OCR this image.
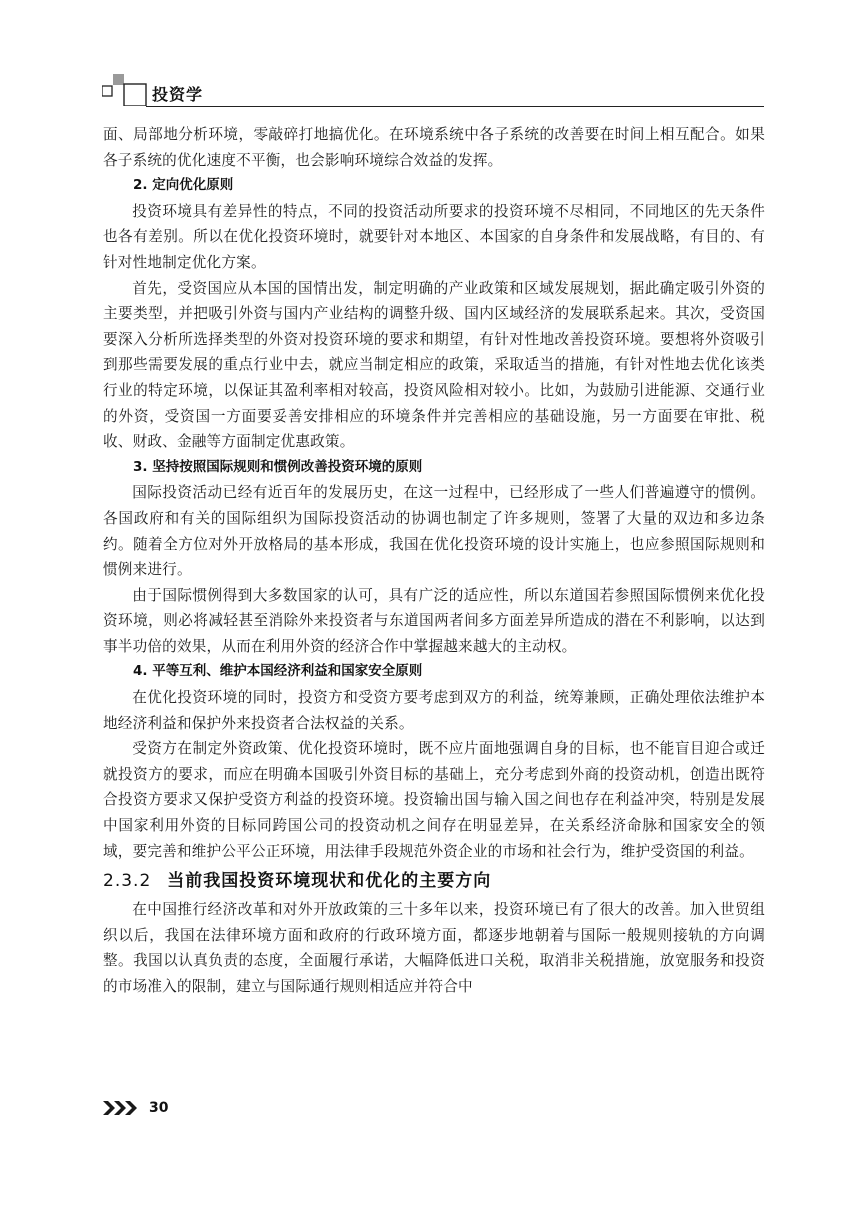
投资学

面、局部地分析环境，零敲碎打地搞优化。在环境系统中各子系统的改善要在时间上相互配合。如果各子系统的优化速度不平衡，也会影响环境综合效益的发挥。

2. 定向优化原则

投资环境具有差异性的特点，不同的投资活动所要求的投资环境不尽相同，不同地区的先天条件也各有差别。所以在优化投资环境时，就要针对本地区、本国家的自身条件和发展战略，有目的、有针对性地制定优化方案。

首先，受资国应从本国的国情出发，制定明确的产业政策和区域发展规划，据此确定吸引外资的主要类型，并把吸引外资与国内产业结构的调整升级、国内区域经济的发展联系起来。其次，受资国要深入分析所选择类型的外资对投资环境的要求和期望，有针对性地改善投资环境。要想将外资吸引到那些需要发展的重点行业中去，就应当制定相应的政策，采取适当的措施，有针对性地去优化该类行业的特定环境，以保证其盈利率相对较高，投资风险相对较小。比如，为鼓励引进能源、交通行业的外资，受资国一方面要妥善安排相应的环境条件并完善相应的基础设施，另一方面要在审批、税收、财政、金融等方面制定优惠政策。

3. 坚持按照国际规则和惯例改善投资环境的原则

国际投资活动已经有近百年的发展历史，在这一过程中，已经形成了一些人们普遍遵守的惯例。各国政府和有关的国际组织为国际投资活动的协调也制定了许多规则，签署了大量的双边和多边条约。随着全方位对外开放格局的基本形成，我国在优化投资环境的设计实施上，也应参照国际规则和惯例来进行。

由于国际惯例得到大多数国家的认可，具有广泛的适应性，所以东道国若参照国际惯例来优化投资环境，则必将减轻甚至消除外来投资者与东道国两者间多方面差异所造成的潜在不利影响，以达到事半功倍的效果，从而在利用外资的经济合作中掌握越来越大的主动权。

4. 平等互利、维护本国经济利益和国家安全原则

在优化投资环境的同时，投资方和受资方要考虑到双方的利益，统筹兼顾，正确处理依法维护本地经济利益和保护外来投资者合法权益的关系。

受资方在制定外资政策、优化投资环境时，既不应片面地强调自身的目标，也不能盲目迎合或迁就投资方的要求，而应在明确本国吸引外资目标的基础上，充分考虑到外商的投资动机，创造出既符合投资方要求又保护受资方利益的投资环境。投资输出国与输入国之间也存在利益冲突，特别是发展中国家利用外资的目标同跨国公司的投资动机之间存在明显差异，在关系经济命脉和国家安全的领域，要完善和维护公平公正环境，用法律手段规范外资企业的市场和社会行为，维护受资国的利益。

2.3.2 当前我国投资环境现状和优化的主要方向

在中国推行经济改革和对外开放政策的三十多年以来，投资环境已有了很大的改善。加入世贸组织以后，我国在法律环境方面和政府的行政环境方面，都逐步地朝着与国际一般规则接轨的方向调整。我国以认真负责的态度，全面履行承诺，大幅降低进口关税，取消非关税措施，放宽服务和投资的市场准入的限制，建立与国际通行规则相适应并符合中

30
